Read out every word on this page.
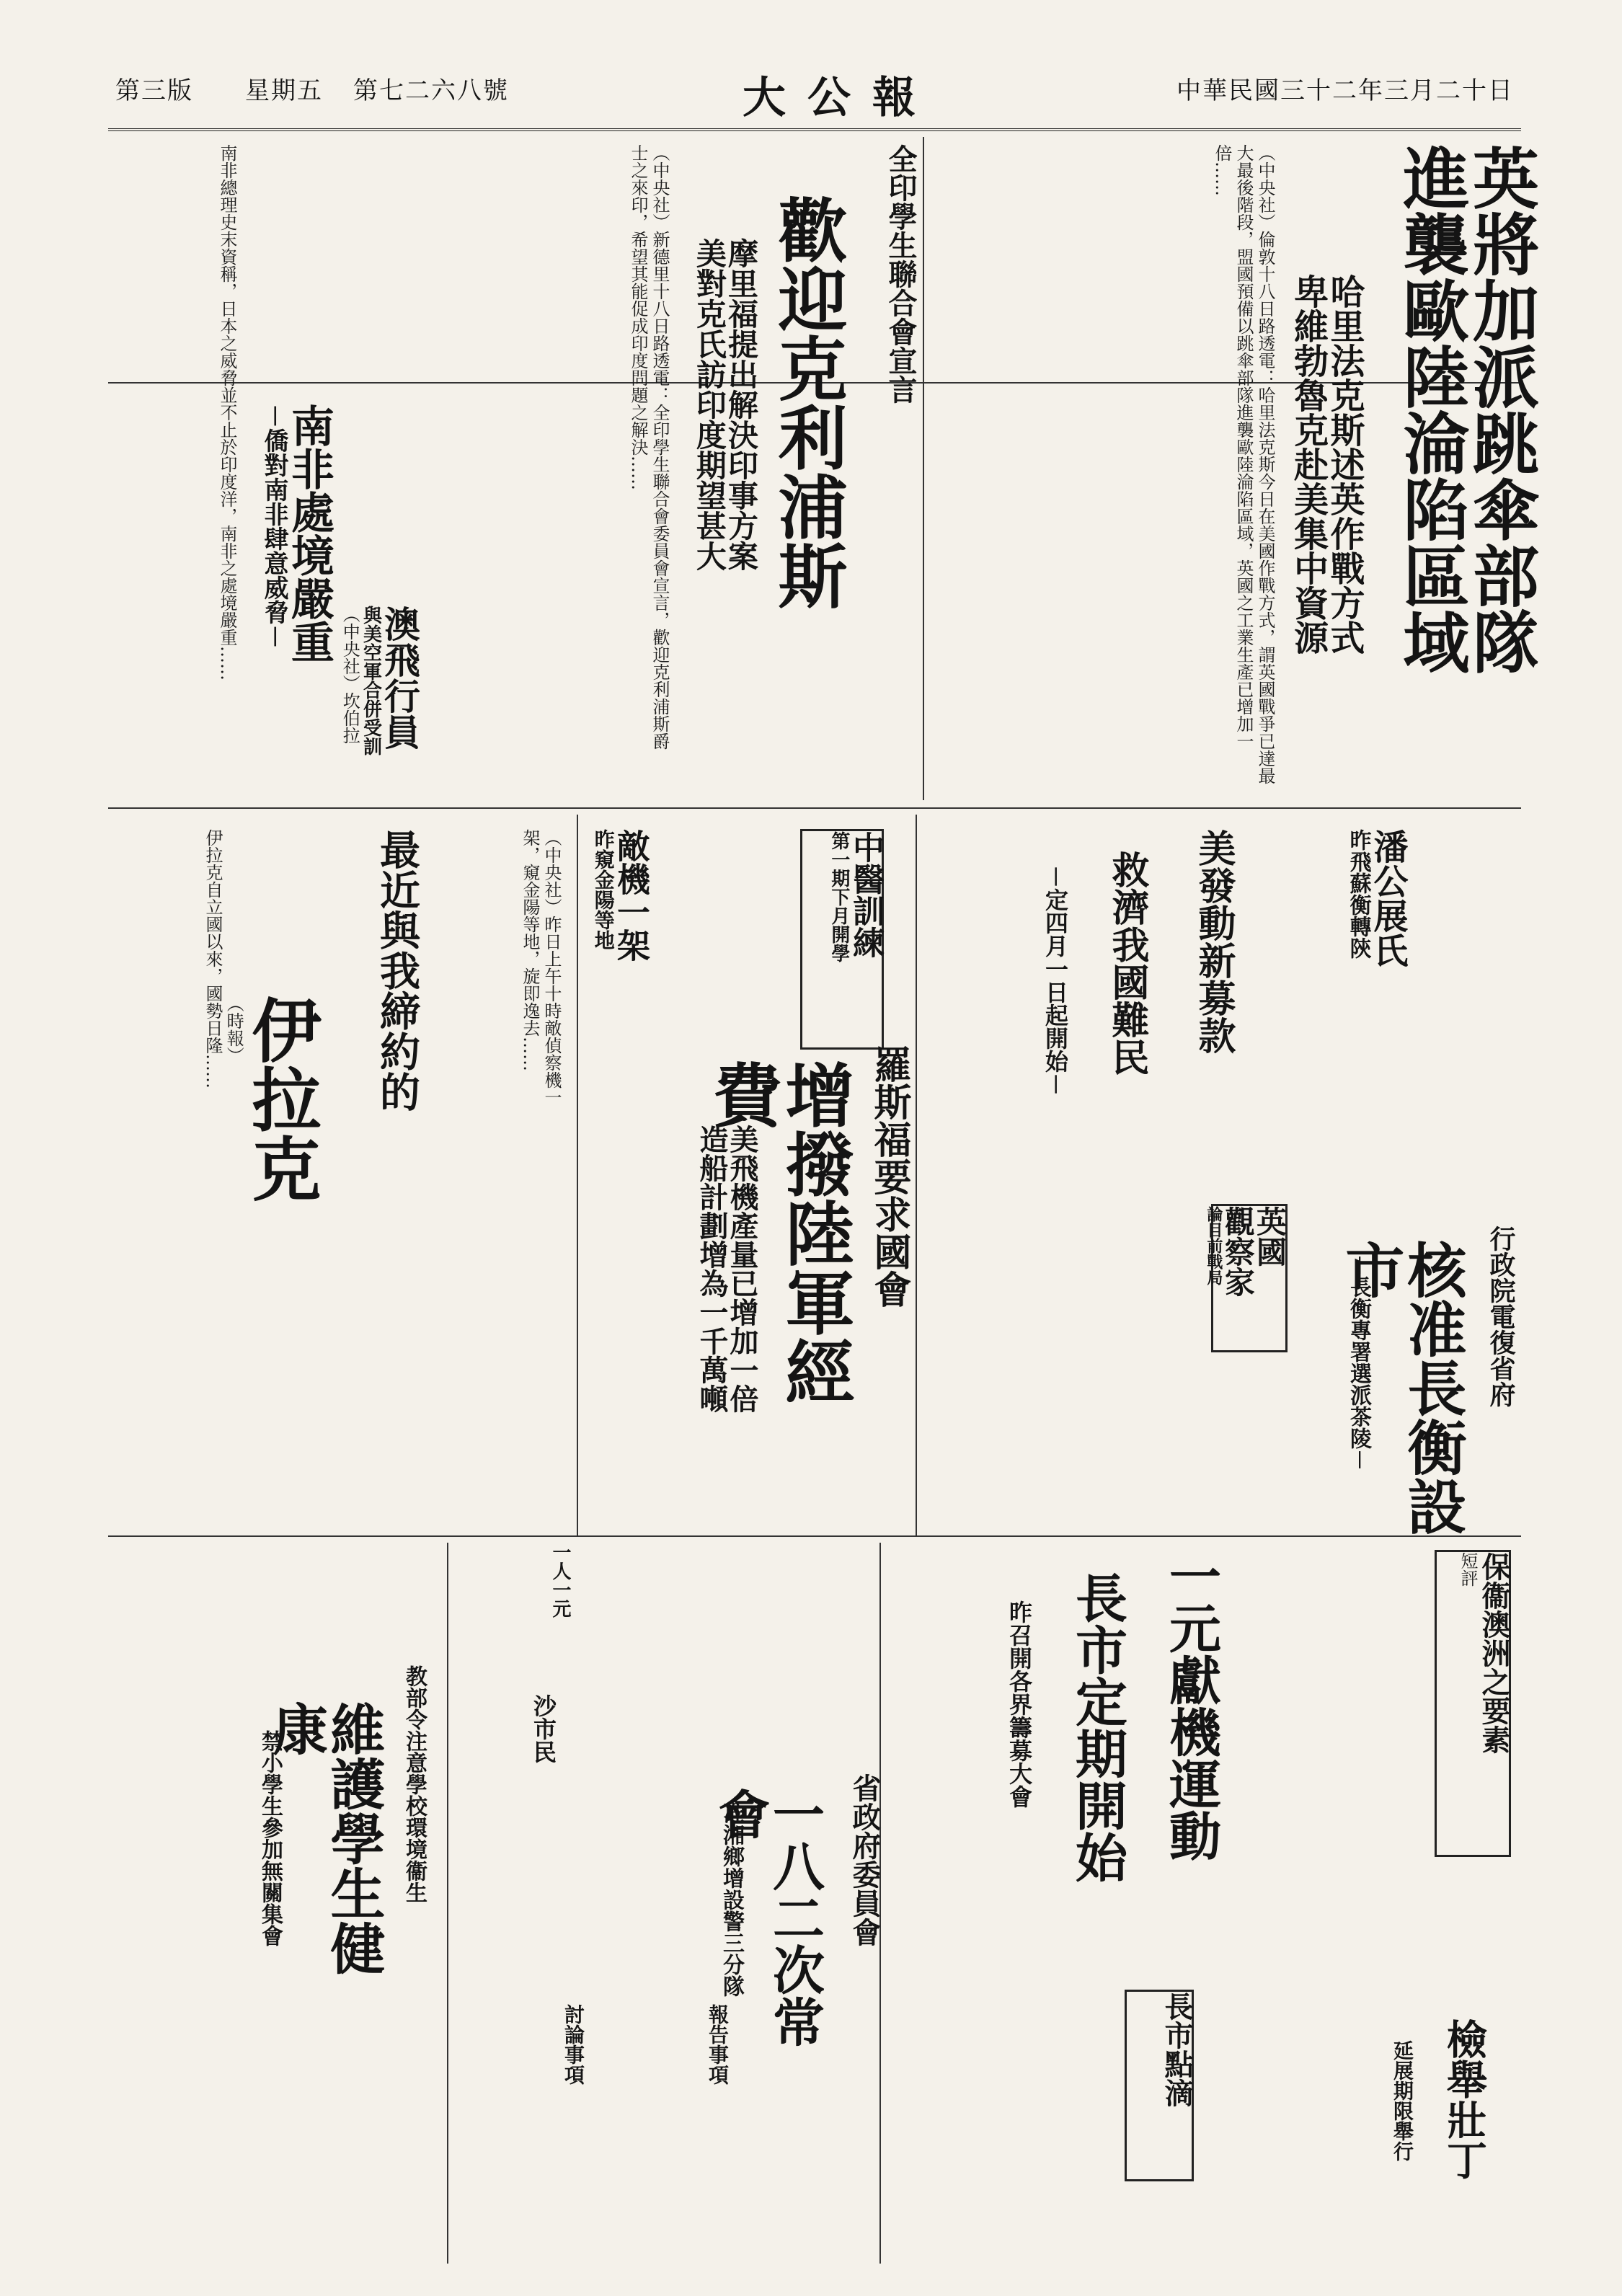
第三版 星期五 第七二六八號	大公報	中華民國三十二年三月二十日
英將加派跳傘部隊
進襲歐陸淪陷區域
哈里法克斯述英作戰方式
卑維勃魯克赴美集中資源
（中央社）倫敦十八日路透電：哈里法克斯今日在美國作戰方式，謂英國戰爭已達最大最後階段，盟國預備以跳傘部隊進襲歐陸淪陷區域，英國之工業生產已增加一倍……
全印學生聯合會宣言
歡迎克利浦斯
摩里福提出解決印事方案
美對克氏訪印度期望甚大
（中央社）新德里十八日路透電：全印學生聯合會委員會宣言，歡迎克利浦斯爵士之來印，希望其能促成印度問題之解決……
南非處境嚴重
－僑對南非肆意威脅－
南非總理史末資稱，日本之威脅並不止於印度洋，南非之處境嚴重……	澳飛行員
與美空軍合併受訓
（中央社）坎伯拉
美發動新募款
救濟我國難民
－定四月一日起開始－	潘公展氏
昨飛蘇衡轉陝
中醫訓練
第一期下月開學
敵機一架
昨窺金陽等地
（中央社）昨日上午十時敵偵察機一架，窺金陽等地，旋即逸去……
最近與我締約的
伊拉克
（時報）
伊拉克自立國以來，國勢日隆……
羅斯福要求國會
增撥陸軍經費
美飛機產量已增加一倍
造船計劃增為一千萬噸	英國
觀察家
論目前戰局	行政院電復省府
核准長衡設市
－長衡專署選派茶陵－
一元獻機運動
長市定期開始
昨召開各界籌募大會	保衞澳洲之要素
短評
維護學生健康	教部令注意學校環境衞生
禁小學生參加無關集會	省政府委員會
一八二次常會
准湘鄉增設警三分隊
長市點滴	檢舉壯丁
延展期限舉行
沙市民
一人一元
報告事項
討論事項
